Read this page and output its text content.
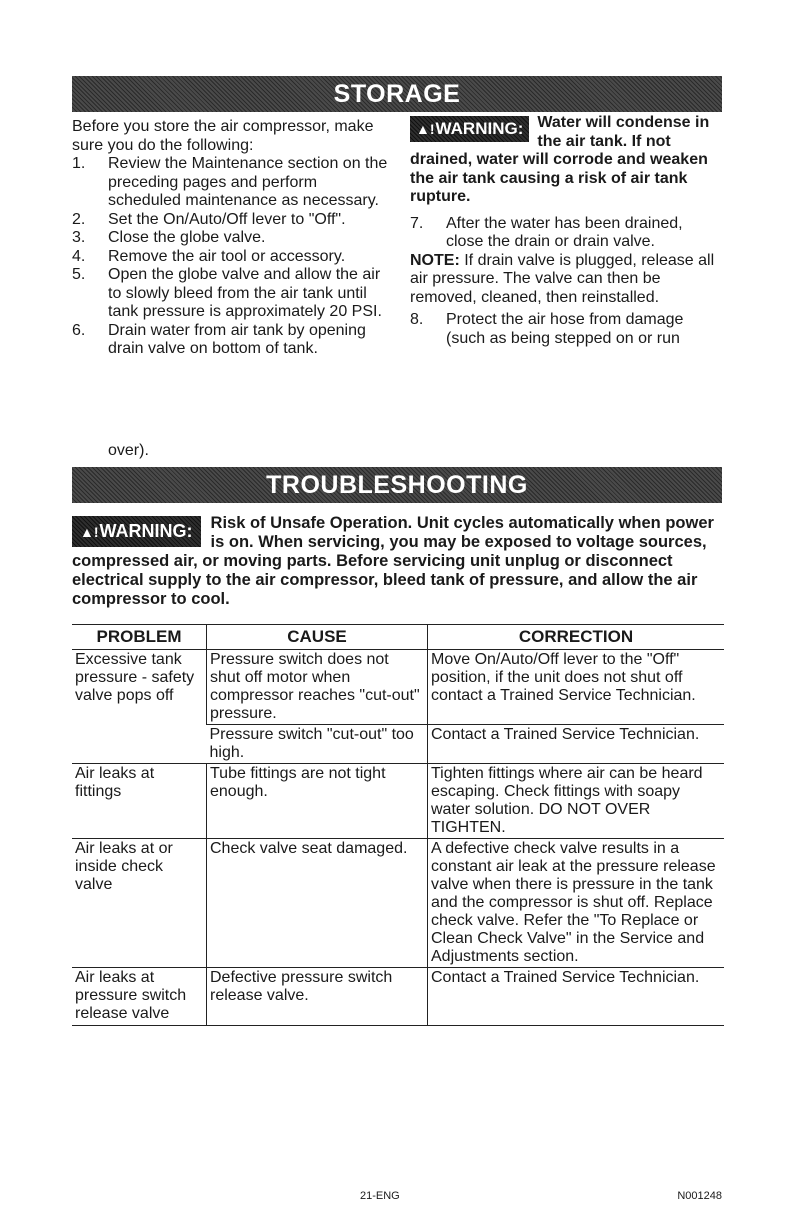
STORAGE
Before you store the air compressor, make sure you do the following:
1. Review the Maintenance section on the preceding pages and perform scheduled maintenance as necessary.
2. Set the On/Auto/Off lever to "Off".
3. Close the globe valve.
4. Remove the air tool or accessory.
5. Open the globe valve and allow the air to slowly bleed from the air tank until tank pressure is approximately 20 PSI.
6. Drain water from air tank by opening drain valve on bottom of tank.
▲!WARNING: Water will condense in the air tank. If not drained, water will corrode and weaken the air tank causing a risk of air tank rupture.
7. After the water has been drained, close the drain or drain valve.
NOTE: If drain valve is plugged, release all air pressure. The valve can then be removed, cleaned, then reinstalled.
8. Protect the air hose from damage (such as being stepped on or run
over).
TROUBLESHOOTING
▲!WARNING:	Risk of Unsafe Operation. Unit cycles automatically when power is on. When servicing, you may be exposed to voltage sources, compressed air, or moving parts. Before servicing unit unplug or disconnect electrical supply to the air compressor, bleed tank of pressure, and allow the air compressor to cool.
PROBLEM	CAUSE	CORRECTION
Excessive tank pressure - safety valve pops off	Pressure switch does not shut off motor when compressor reaches "cut-out" pressure.	Move On/Auto/Off lever to the "Off" position, if the unit does not shut off contact a Trained Service Technician.
	Pressure switch "cut-out" too high.	Contact a Trained Service Technician.
Air leaks at fittings	Tube fittings are not tight enough.	Tighten fittings where air can be heard escaping. Check fittings with soapy water solution. DO NOT OVER TIGHTEN.
Air leaks at or inside check valve	Check valve seat damaged.	A defective check valve results in a constant air leak at the pressure release valve when there is pressure in the tank and the compressor is shut off. Replace check valve. Refer the "To Replace or Clean Check Valve" in the Service and Adjustments section.
Air leaks at pressure switch release valve	Defective pressure switch release valve.	Contact a Trained Service Technician.
21-ENG	N001248
